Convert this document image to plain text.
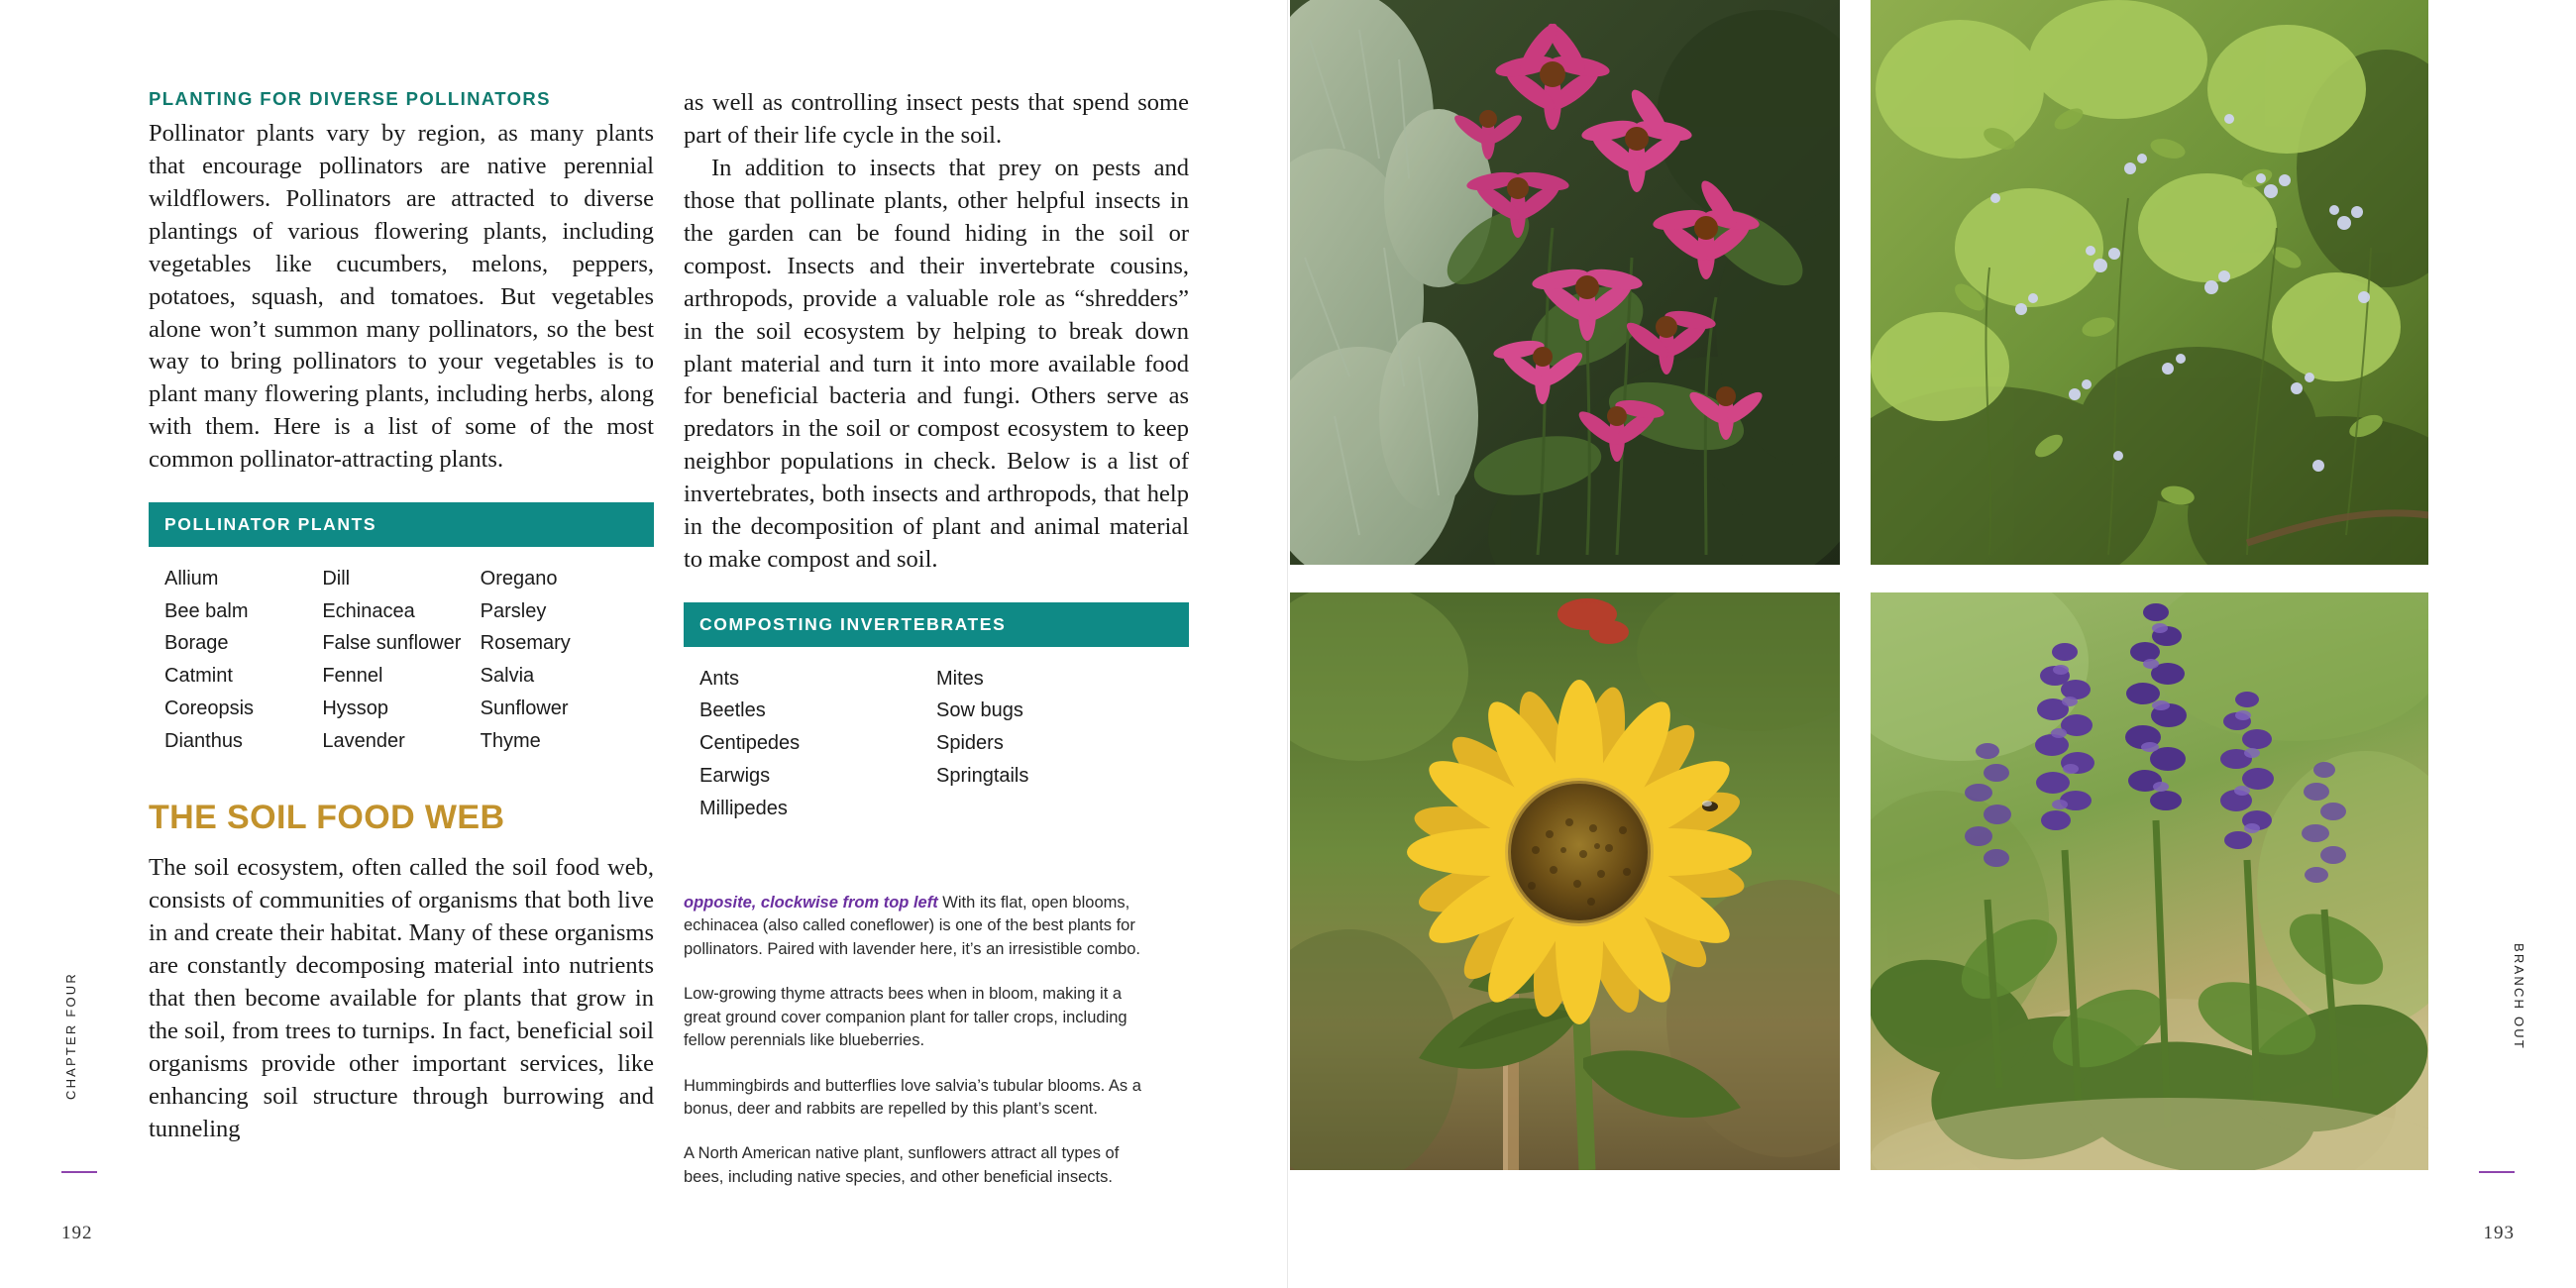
CHAPTER FOUR
192
PLANTING FOR DIVERSE POLLINATORS

Pollinator plants vary by region, as many plants that encourage pollinators are native perennial wildflowers. Pollinators are attracted to diverse plantings of various flowering plants, including vegetables like cucumbers, melons, peppers, potatoes, squash, and tomatoes. But vegetables alone won’t summon many pollinators, so the best way to bring pollinators to your vegetables is to plant many flowering plants, including herbs, along with them. Here is a list of some of the most common pollinator-attracting plants.

POLLINATOR PLANTS
Allium
Bee balm
Borage
Catmint
Coreopsis
Dianthus
Dill
Echinacea
False sunflower
Fennel
Hyssop
Lavender
Oregano
Parsley
Rosemary
Salvia
Sunflower
Thyme
THE SOIL FOOD WEB

The soil ecosystem, often called the soil food web, consists of communities of organisms that both live in and create their habitat. Many of these organisms are constantly decomposing material into nutrients that then become available for plants that grow in the soil, from trees to turnips. In fact, beneficial soil organisms provide other important services, like enhancing soil structure through burrowing and tunneling

as well as controlling insect pests that spend some part of their life cycle in the soil.

In addition to insects that prey on pests and those that pollinate plants, other helpful insects in the garden can be found hiding in the soil or compost. Insects and their invertebrate cousins, arthropods, provide a valuable role as “shredders” in the soil ecosystem by helping to break down plant material and turn it into more available food for beneficial bacteria and fungi. Others serve as predators in the soil or compost ecosystem to keep neighbor populations in check. Below is a list of invertebrates, both insects and arthropods, that help in the decomposition of plant and animal material to make compost and soil.

COMPOSTING INVERTEBRATES
Ants
Beetles
Centipedes
Earwigs
Millipedes
Mites
Sow bugs
Spiders
Springtails

opposite, clockwise from top left With its flat, open blooms, echinacea (also called coneflower) is one of the best plants for pollinators. Paired with lavender here, it’s an irresistible combo.

Low-growing thyme attracts bees when in bloom, making it a great ground cover companion plant for taller crops, including fellow perennials like blueberries.

Hummingbirds and butterflies love salvia’s tubular blooms. As a bonus, deer and rabbits are repelled by this plant’s scent.

A North American native plant, sunflowers attract all types of bees, including native species, and other beneficial insects.

BRANCH OUT
193
